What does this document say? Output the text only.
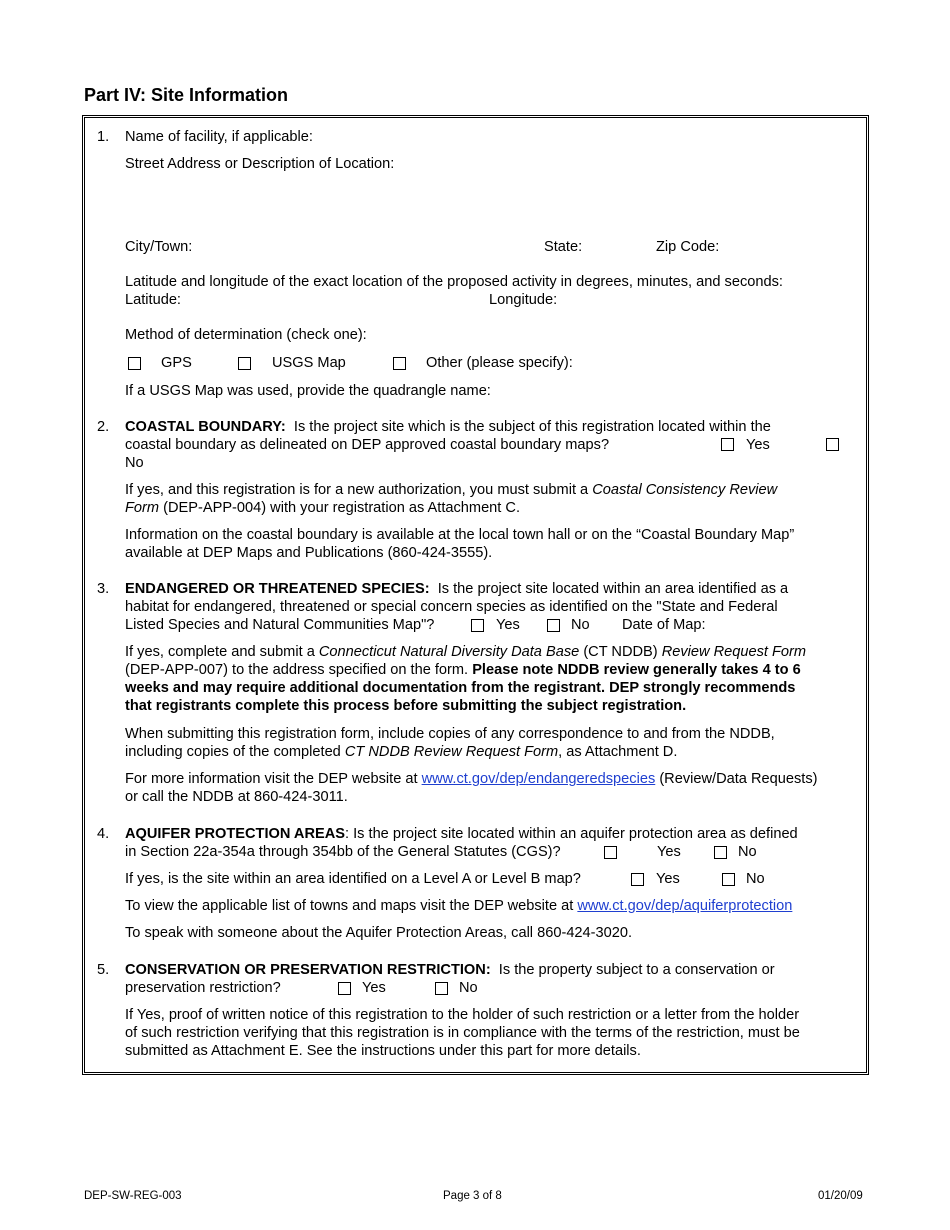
Part IV: Site Information
1. Name of facility, if applicable:
Street Address or Description of Location:
City/Town:	State:	Zip Code:
Latitude and longitude of the exact location of the proposed activity in degrees, minutes, and seconds:
Latitude:	Longitude:
Method of determination (check one):
GPS	USGS Map	Other (please specify):
If a USGS Map was used, provide the quadrangle name:
2. COASTAL BOUNDARY: Is the project site which is the subject of this registration located within the
coastal boundary as delineated on DEP approved coastal boundary maps?	Yes
No
If yes, and this registration is for a new authorization, you must submit a Coastal Consistency Review
Form (DEP-APP-004) with your registration as Attachment C.
Information on the coastal boundary is available at the local town hall or on the “Coastal Boundary Map”
available at DEP Maps and Publications (860-424-3555).
3. ENDANGERED OR THREATENED SPECIES: Is the project site located within an area identified as a
habitat for endangered, threatened or special concern species as identified on the "State and Federal
Listed Species and Natural Communities Map"?	Yes	No Date of Map:
If yes, complete and submit a Connecticut Natural Diversity Data Base (CT NDDB) Review Request Form
(DEP-APP-007) to the address specified on the form. Please note NDDB review generally takes 4 to 6
weeks and may require additional documentation from the registrant. DEP strongly recommends
that registrants complete this process before submitting the subject registration.
When submitting this registration form, include copies of any correspondence to and from the NDDB,
including copies of the completed CT NDDB Review Request Form, as Attachment D.
For more information visit the DEP website at www.ct.gov/dep/endangeredspecies (Review/Data Requests)
or call the NDDB at 860-424-3011.
4. AQUIFER PROTECTION AREAS: Is the project site located within an aquifer protection area as defined
in Section 22a-354a through 354bb of the General Statutes (CGS)?	Yes	No
If yes, is the site within an area identified on a Level A or Level B map?	Yes	No
To view the applicable list of towns and maps visit the DEP website at www.ct.gov/dep/aquiferprotection
To speak with someone about the Aquifer Protection Areas, call 860-424-3020.
5. CONSERVATION OR PRESERVATION RESTRICTION: Is the property subject to a conservation or
preservation restriction?	Yes	No
If Yes, proof of written notice of this registration to the holder of such restriction or a letter from the holder
of such restriction verifying that this registration is in compliance with the terms of the restriction, must be
submitted as Attachment E. See the instructions under this part for more details.
DEP-SW-REG-003	Page 3 of 8	01/20/09
